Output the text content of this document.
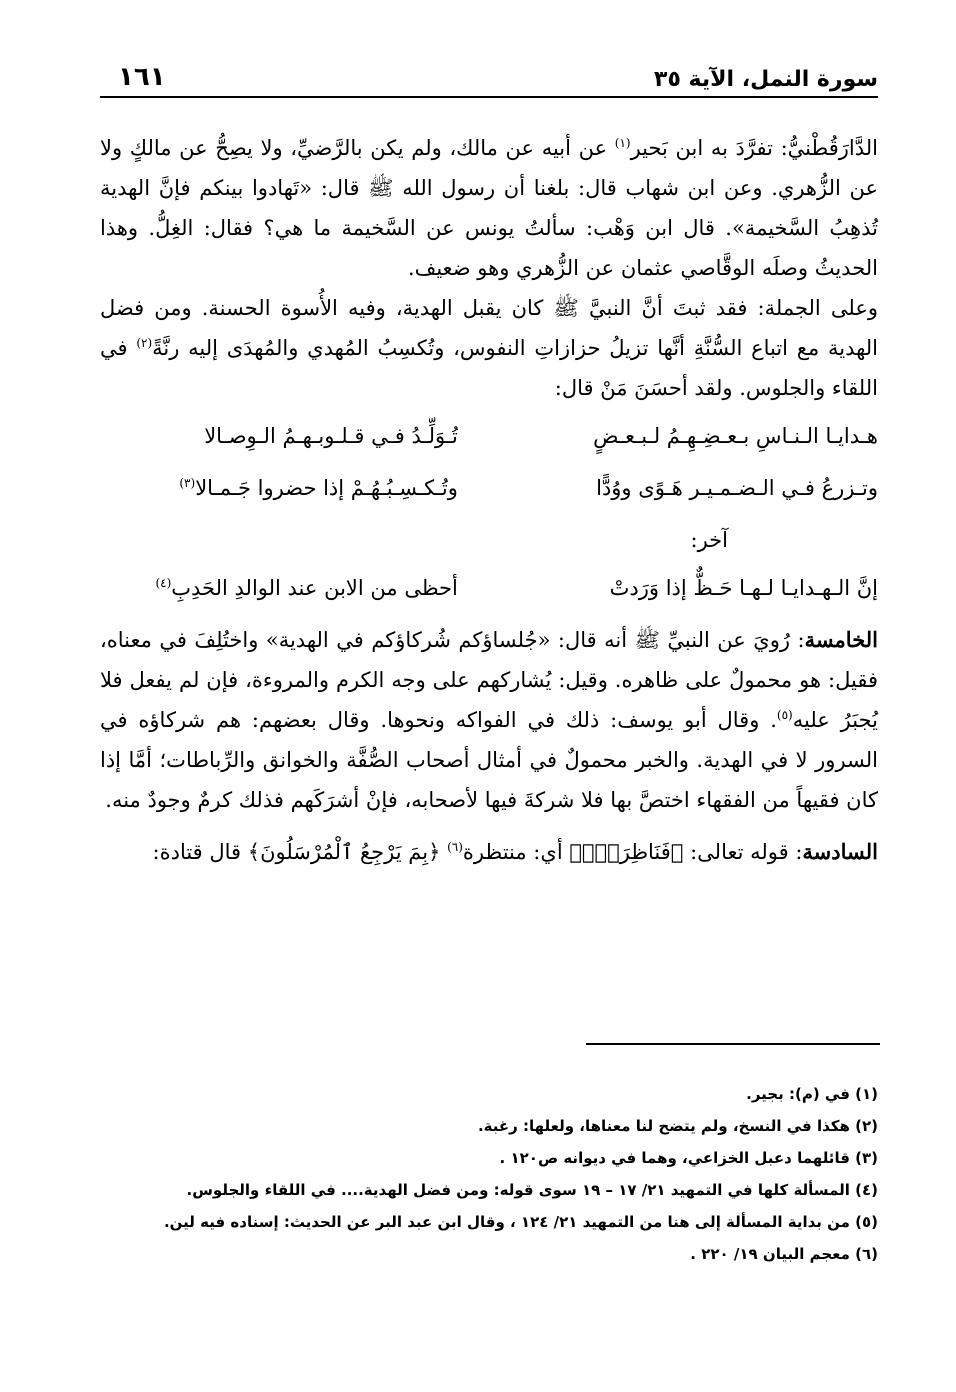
سورة النمل، الآية ٣٥
١٦١

الدَّارَقُطْنيُّ: تفرَّدَ به ابن بَحير$^{(١)}$ عن أبيه عن مالك، ولم يكن بالرَّضيِّ، ولا يصِحُّ عن مالكٍ ولا عن الزُّهري. وعن ابن شهاب قال: بلغنا أن رسول الله ﷺ قال: «تَهادوا بينكم فإنَّ الهدية تُذهِبُ السَّخيمة». قال ابن وَهْب: سألتُ يونس عن السَّخيمة ما هي؟ فقال: الغِلُّ. وهذا الحديثُ وصلَه الوقَّاصي عثمان عن الزُّهري وهو ضعيف.

وعلى الجملة: فقد ثبتَ أنَّ النبيَّ ﷺ كان يقبل الهدية، وفيه الأُسوة الحسنة. ومن فضل الهدية مع اتباع السُّنَّةِ أنَّها تزيلُ حزازاتِ النفوس، وتُكسِبُ المُهدي والمُهدَى إليه رنَّةً$^{(٢)}$ في اللقاء والجلوس. ولقد أحسَنَ مَنْ قال:

هـدايـا الـنـاسِ بـعـضِـهِـمُ لـبـعـضٍ
تُـوَلِّـدُ فـي قـلـوبـهـمُ الـوِصـالا
وتـزرعُ فـي الـضـمـيـر هَـوًى ووُدًّا
وتُـكـسِـبُـهُـمْ إذا حضروا جَـمـالا$^{(٣)}$

آخر:

إنَّ الـهـدايـا لـهـا حَـظٌّ إذا وَرَدتْ
أحظى من الابن عند الوالدِ الحَدِبِ$^{(٤)}$

الخامسة: رُويَ عن النبيِّ ﷺ أنه قال: «جُلساؤكم شُركاؤكم في الهدية» واختُلِفَ في معناه، فقيل: هو محمولٌ على ظاهره. وقيل: يُشاركهم على وجه الكرم والمروءة، فإن لم يفعل فلا يُجبَرُ عليه$^{(٥)}$. وقال أبو يوسف: ذلك في الفواكه ونحوها. وقال بعضهم: هم شركاؤه في السرور لا في الهدية. والخبر محمولٌ في أمثال أصحاب الصُّفَّة والخوانق والرِّباطات؛ أمَّا إذا كان فقيهاً من الفقهاء اختصَّ بها فلا شركةَ فيها لأصحابه، فإنْ أشرَكَهم فذلك كرمٌ وجودٌ منه.

السادسة: قوله تعالى: ﴿فَنَاظِرَةٌۢ﴾ أي: منتظرة$^{(٦)}$ ﴿بِمَ يَرْجِعُ ٱلْمُرْسَلُونَ﴾ قال قتادة:

(١) في (م): بجير.
(٢) هكذا في النسخ، ولم يتضح لنا معناها، ولعلها: رغبة.
(٣) قائلهما دعبل الخزاعي، وهما في ديوانه ص١٢٠ .
(٤) المسألة كلها في التمهيد ٢١/ ١٧ – ١٩ سوى قوله: ومن فضل الهدية.... في اللقاء والجلوس.
(٥) من بداية المسألة إلى هنا من التمهيد ٢١/ ١٢٤ ، وقال ابن عبد البر عن الحديث: إسناده فيه لين.
(٦) معجم البيان ١٩/ ٢٢٠ .
